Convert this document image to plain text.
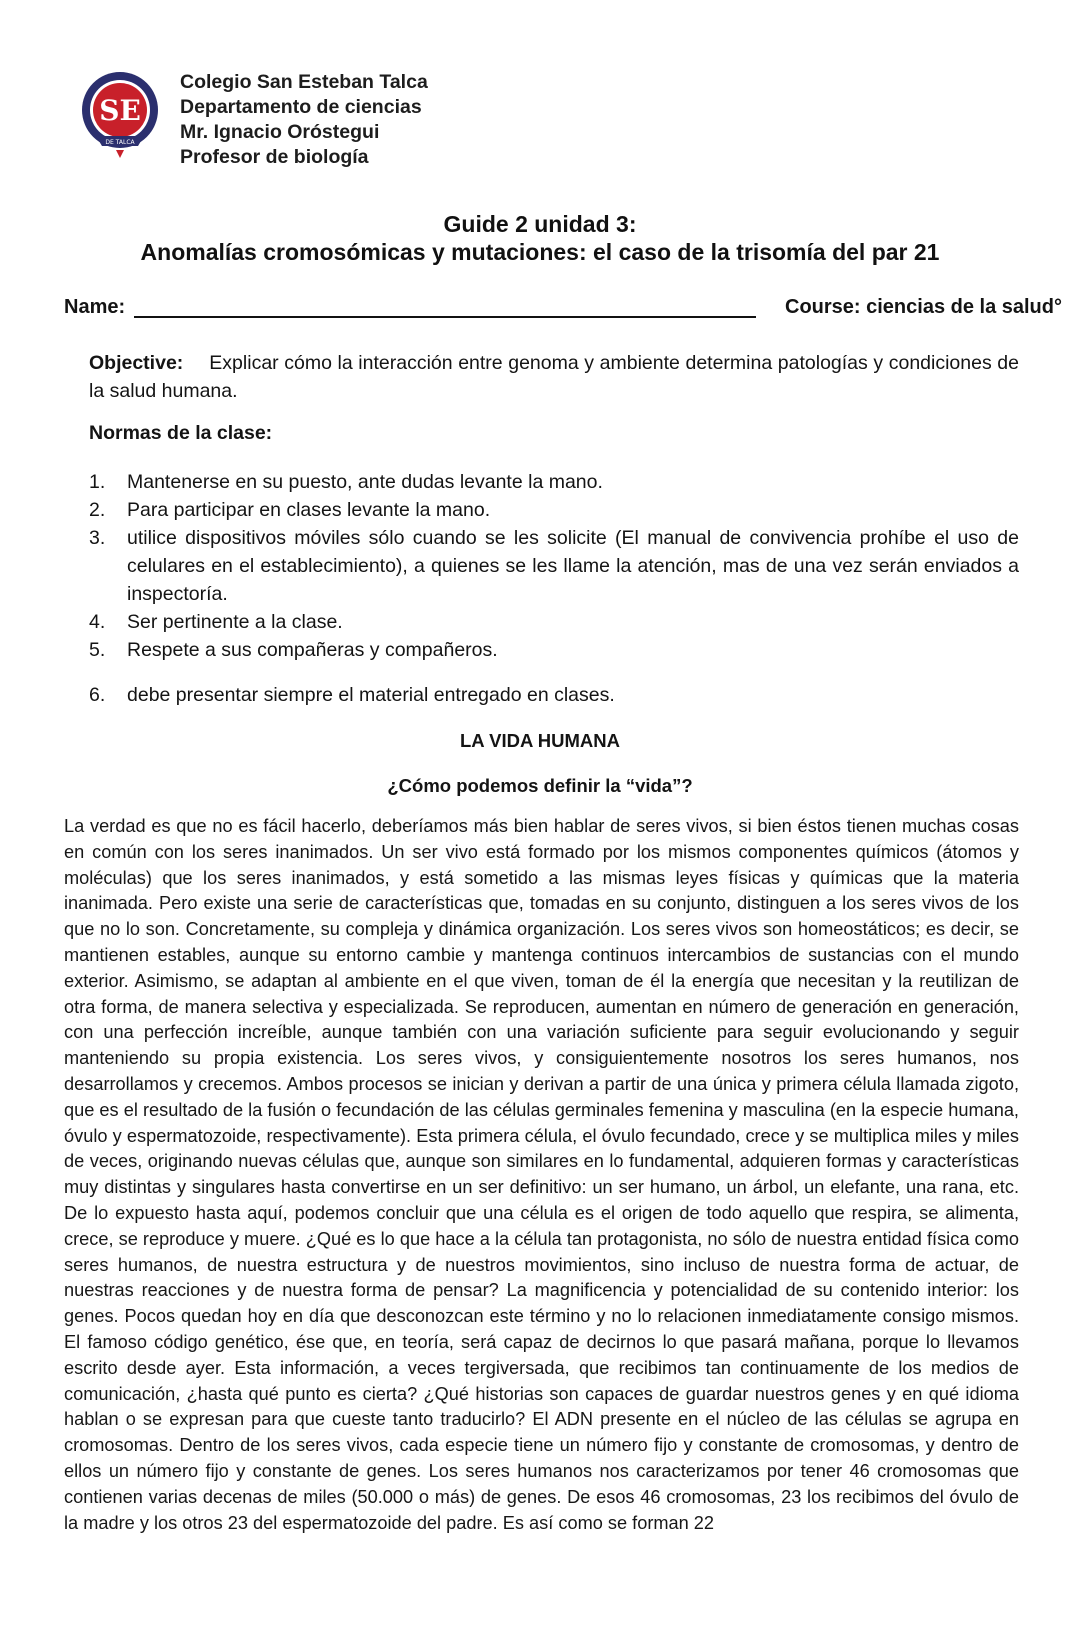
SE
DE TALCA
Colegio San Esteban Talca
Departamento de ciencias
Mr. Ignacio Oróstegui
Profesor de biología
Guide 2 unidad 3:
Anomalías cromosómicas y mutaciones: el caso de la trisomía del par 21
Name:	Course: ciencias de la salud°
Objective: Explicar cómo la interacción entre genoma y ambiente determina patologías y condiciones de la salud humana.
Normas de la clase:
1.	Mantenerse en su puesto, ante dudas levante la mano.
2.	Para participar en clases levante la mano.
3.	utilice dispositivos móviles sólo cuando se les solicite (El manual de convivencia prohíbe el uso de celulares en el establecimiento), a quienes se les llame la atención, mas de una vez serán enviados a inspectoría.
4.	Ser pertinente a la clase.
5.	Respete a sus compañeras y compañeros.
6.	debe presentar siempre el material entregado en clases.
LA VIDA HUMANA
¿Cómo podemos definir la “vida”?
La verdad es que no es fácil hacerlo, deberíamos más bien hablar de seres vivos, si bien éstos tienen muchas cosas en común con los seres inanimados. Un ser vivo está formado por los mismos componentes químicos (átomos y moléculas) que los seres inanimados, y está sometido a las mismas leyes físicas y químicas que la materia inanimada. Pero existe una serie de características que, tomadas en su conjunto, distinguen a los seres vivos de los que no lo son. Concretamente, su compleja y dinámica organización. Los seres vivos son homeostáticos; es decir, se mantienen estables, aunque su entorno cambie y mantenga continuos intercambios de sustancias con el mundo exterior. Asimismo, se adaptan al ambiente en el que viven, toman de él la energía que necesitan y la reutilizan de otra forma, de manera selectiva y especializada. Se reproducen, aumentan en número de generación en generación, con una perfección increíble, aunque también con una variación suficiente para seguir evolucionando y seguir manteniendo su propia existencia. Los seres vivos, y consiguientemente nosotros los seres humanos, nos desarrollamos y crecemos. Ambos procesos se inician y derivan a partir de una única y primera célula llamada zigoto, que es el resultado de la fusión o fecundación de las células germinales femenina y masculina (en la especie humana, óvulo y espermatozoide, respectivamente). Esta primera célula, el óvulo fecundado, crece y se multiplica miles y miles de veces, originando nuevas células que, aunque son similares en lo fundamental, adquieren formas y características muy distintas y singulares hasta convertirse en un ser definitivo: un ser humano, un árbol, un elefante, una rana, etc. De lo expuesto hasta aquí, podemos concluir que una célula es el origen de todo aquello que respira, se alimenta, crece, se reproduce y muere. ¿Qué es lo que hace a la célula tan protagonista, no sólo de nuestra entidad física como seres humanos, de nuestra estructura y de nuestros movimientos, sino incluso de nuestra forma de actuar, de nuestras reacciones y de nuestra forma de pensar? La magnificencia y potencialidad de su contenido interior: los genes. Pocos quedan hoy en día que desconozcan este término y no lo relacionen inmediatamente consigo mismos. El famoso código genético, ése que, en teoría, será capaz de decirnos lo que pasará mañana, porque lo llevamos escrito desde ayer. Esta información, a veces tergiversada, que recibimos tan continuamente de los medios de comunicación, ¿hasta qué punto es cierta? ¿Qué historias son capaces de guardar nuestros genes y en qué idioma hablan o se expresan para que cueste tanto traducirlo? El ADN presente en el núcleo de las células se agrupa en cromosomas. Dentro de los seres vivos, cada especie tiene un número fijo y constante de cromosomas, y dentro de ellos un número fijo y constante de genes. Los seres humanos nos caracterizamos por tener 46 cromosomas que contienen varias decenas de miles (50.000 o más) de genes. De esos 46 cromosomas, 23 los recibimos del óvulo de la madre y los otros 23 del espermatozoide del padre. Es así como se forman 22
